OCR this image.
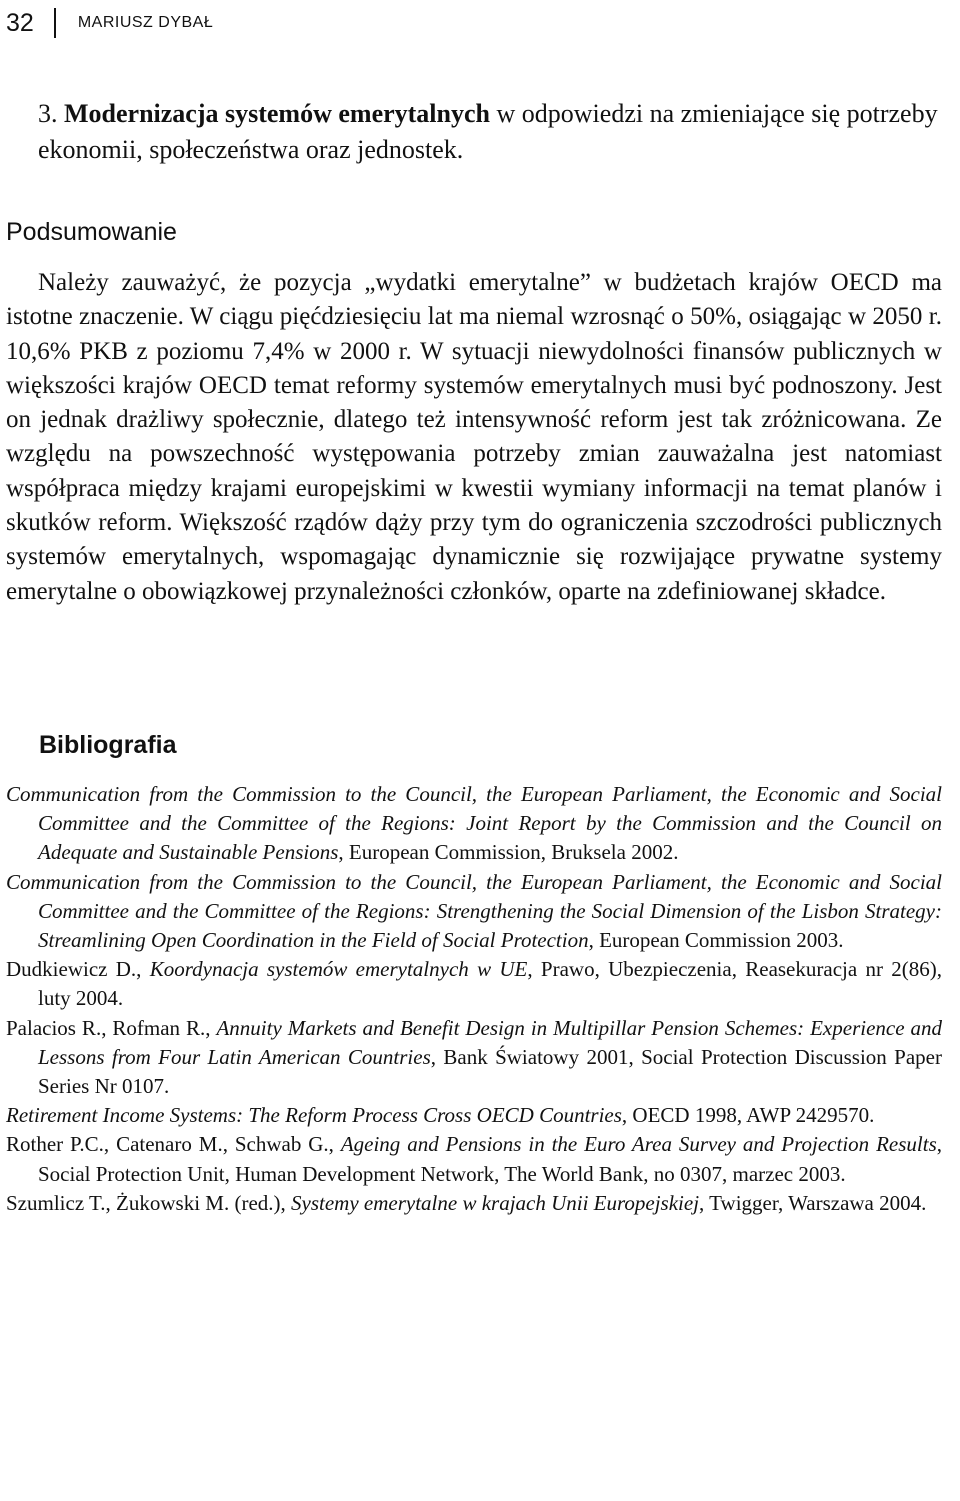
32	MARIUSZ DYBAŁ

3. Modernizacja systemów emerytalnych w odpowiedzi na zmieniające się potrzeby ekonomii, społeczeństwa oraz jednostek.

Podsumowanie

Należy zauważyć, że pozycja „wydatki emerytalne” w budżetach krajów OECD ma istotne znaczenie. W ciągu pięćdziesięciu lat ma niemal wzrosnąć o 50%, osiągając w 2050 r. 10,6% PKB z poziomu 7,4% w 2000 r. W sytuacji niewydolności finansów publicznych w większości krajów OECD temat reformy systemów emerytalnych musi być podnoszony. Jest on jednak drażliwy społecznie, dlatego też intensywność reform jest tak zróżnicowana. Ze względu na powszechność występowania potrzeby zmian zauważalna jest natomiast współpraca między krajami europejskimi w kwestii wymiany informacji na temat planów i skutków reform. Większość rządów dąży przy tym do ograniczenia szczodrości publicznych systemów emerytalnych, wspomagając dynamicznie się rozwijające prywatne systemy emerytalne o obowiązkowej przynależności członków, oparte na zdefiniowanej składce.

Bibliografia

Communication from the Commission to the Council, the European Parliament, the Economic and Social Committee and the Committee of the Regions: Joint Report by the Commission and the Council on Adequate and Sustainable Pensions, European Commission, Bruksela 2002.

Communication from the Commission to the Council, the European Parliament, the Economic and Social Committee and the Committee of the Regions: Strengthening the Social Dimension of the Lisbon Strategy: Streamlining Open Coordination in the Field of Social Protection, European Commission 2003.

Dudkiewicz D., Koordynacja systemów emerytalnych w UE, Prawo, Ubezpieczenia, Reasekuracja nr 2(86), luty 2004.

Palacios R., Rofman R., Annuity Markets and Benefit Design in Multipillar Pension Schemes: Experience and Lessons from Four Latin American Countries, Bank Światowy 2001, Social Protection Discussion Paper Series Nr 0107.

Retirement Income Systems: The Reform Process Cross OECD Countries, OECD 1998, AWP 2429570.

Rother P.C., Catenaro M., Schwab G., Ageing and Pensions in the Euro Area Survey and Projection Results, Social Protection Unit, Human Development Network, The World Bank, no 0307, marzec 2003.

Szumlicz T., Żukowski M. (red.), Systemy emerytalne w krajach Unii Europejskiej, Twigger, Warszawa 2004.
